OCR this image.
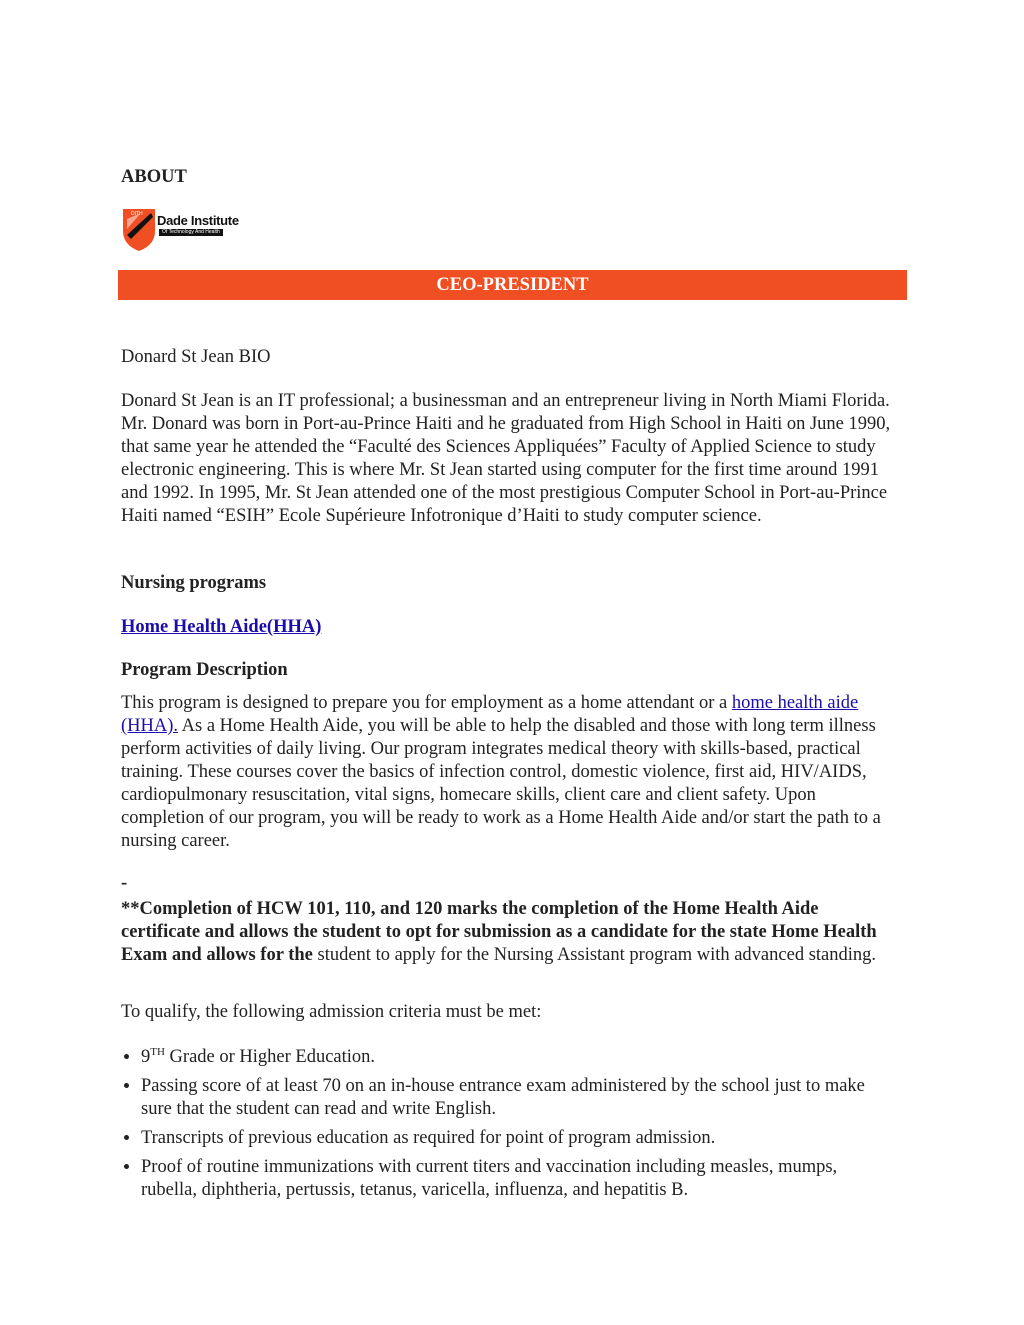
ABOUT

DITH Dade Institute
Of Technology And Health
CEO-PRESIDENT

Donard St Jean BIO

Donard St Jean is an IT professional; a businessman and an entrepreneur living in North Miami Florida. Mr. Donard was born in Port-au-Prince Haiti and he graduated from High School in Haiti on June 1990, that same year he attended the “Faculté des Sciences Appliquées” Faculty of Applied Science to study electronic engineering. This is where Mr. St Jean started using computer for the first time around 1991 and 1992. In 1995, Mr. St Jean attended one of the most prestigious Computer School in Port-au-Prince Haiti named “ESIH” Ecole Supérieure Infotronique d’Haiti to study computer science.

Nursing programs

Home Health Aide(HHA)

Program Description

This program is designed to prepare you for employment as a home attendant or a home health aide (HHA). As a Home Health Aide, you will be able to help the disabled and those with long term illness perform activities of daily living. Our program integrates medical theory with skills-based, practical training. These courses cover the basics of infection control, domestic violence, first aid, HIV/AIDS, cardiopulmonary resuscitation, vital signs, homecare skills, client care and client safety. Upon completion of our program, you will be ready to work as a Home Health Aide and/or start the path to a nursing career.

-

**Completion of HCW 101, 110, and 120 marks the completion of the Home Health Aide certificate and allows the student to opt for submission as a candidate for the state Home Health Exam and allows for the student to apply for the Nursing Assistant program with advanced standing.

To qualify, the following admission criteria must be met:

• 9TH Grade or Higher Education.
• Passing score of at least 70 on an in-house entrance exam administered by the school just to make sure that the student can read and write English.
• Transcripts of previous education as required for point of program admission.
• Proof of routine immunizations with current titers and vaccination including measles, mumps, rubella, diphtheria, pertussis, tetanus, varicella, influenza, and hepatitis B.
